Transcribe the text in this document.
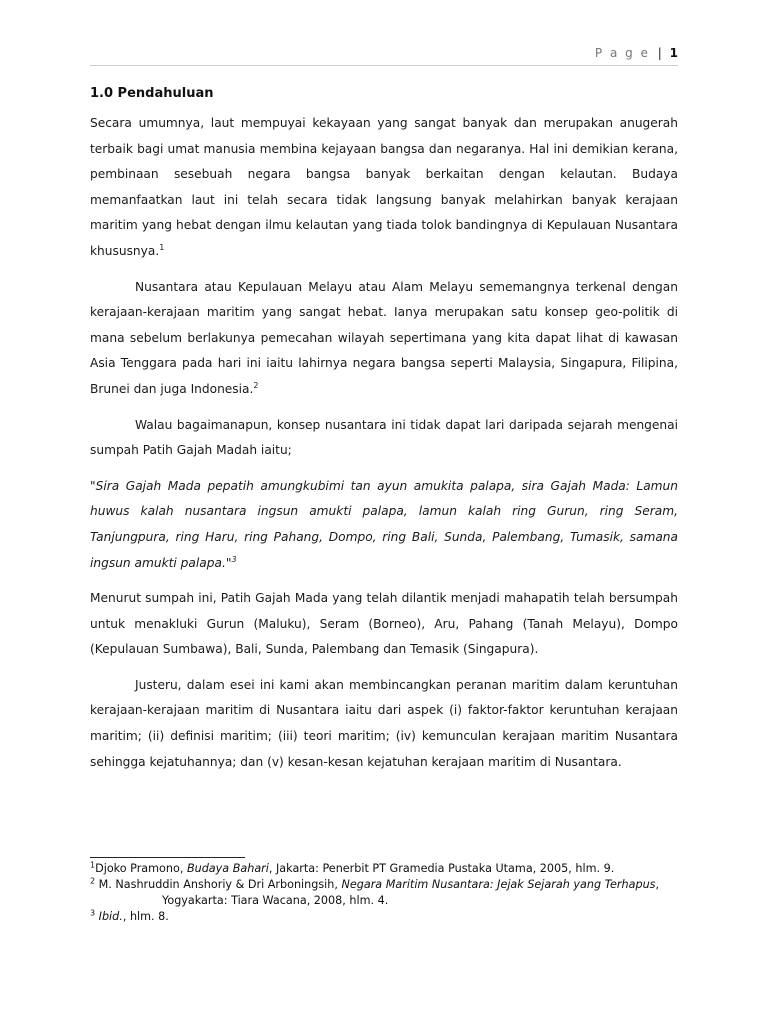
P a g e | 1
1.0 Pendahuluan

Secara umumnya, laut mempuyai kekayaan yang sangat banyak dan merupakan anugerah terbaik bagi umat manusia membina kejayaan bangsa dan negaranya. Hal ini demikian kerana, pembinaan sesebuah negara bangsa banyak berkaitan dengan kelautan. Budaya memanfaatkan laut ini telah secara tidak langsung banyak melahirkan banyak kerajaan maritim yang hebat dengan ilmu kelautan yang tiada tolok bandingnya di Kepulauan Nusantara khususnya.$^1$

Nusantara atau Kepulauan Melayu atau Alam Melayu sememangnya terkenal dengan kerajaan-kerajaan maritim yang sangat hebat. Ianya merupakan satu konsep geo-politik di mana sebelum berlakunya pemecahan wilayah sepertimana yang kita dapat lihat di kawasan Asia Tenggara pada hari ini iaitu lahirnya negara bangsa seperti Malaysia, Singapura, Filipina, Brunei dan juga Indonesia.$^2$

Walau bagaimanapun, konsep nusantara ini tidak dapat lari daripada sejarah mengenai sumpah Patih Gajah Madah iaitu;

"Sira Gajah Mada pepatih amungkubimi tan ayun amukita palapa, sira Gajah Mada: Lamun huwus kalah nusantara ingsun amukti palapa, lamun kalah ring Gurun, ring Seram, Tanjungpura, ring Haru, ring Pahang, Dompo, ring Bali, Sunda, Palembang, Tumasik, samana ingsun amukti palapa."$^3$

Menurut sumpah ini, Patih Gajah Mada yang telah dilantik menjadi mahapatih telah bersumpah untuk menakluki Gurun (Maluku), Seram (Borneo), Aru, Pahang (Tanah Melayu), Dompo (Kepulauan Sumbawa), Bali, Sunda, Palembang dan Temasik (Singapura).

Justeru, dalam esei ini kami akan membincangkan peranan maritim dalam keruntuhan kerajaan-kerajaan maritim di Nusantara iaitu dari aspek (i) faktor-faktor keruntuhan kerajaan maritim; (ii) definisi maritim; (iii) teori maritim; (iv) kemunculan kerajaan maritim Nusantara sehingga kejatuhannya; dan (v) kesan-kesan kejatuhan kerajaan maritim di Nusantara.

$^1$Djoko Pramono, Budaya Bahari, Jakarta: Penerbit PT Gramedia Pustaka Utama, 2005, hlm. 9.
$^2$ M. Nashruddin Anshoriy & Dri Arboningsih, Negara Maritim Nusantara: Jejak Sejarah yang Terhapus,
Yogyakarta: Tiara Wacana, 2008, hlm. 4.
$^3$ Ibid., hlm. 8.
